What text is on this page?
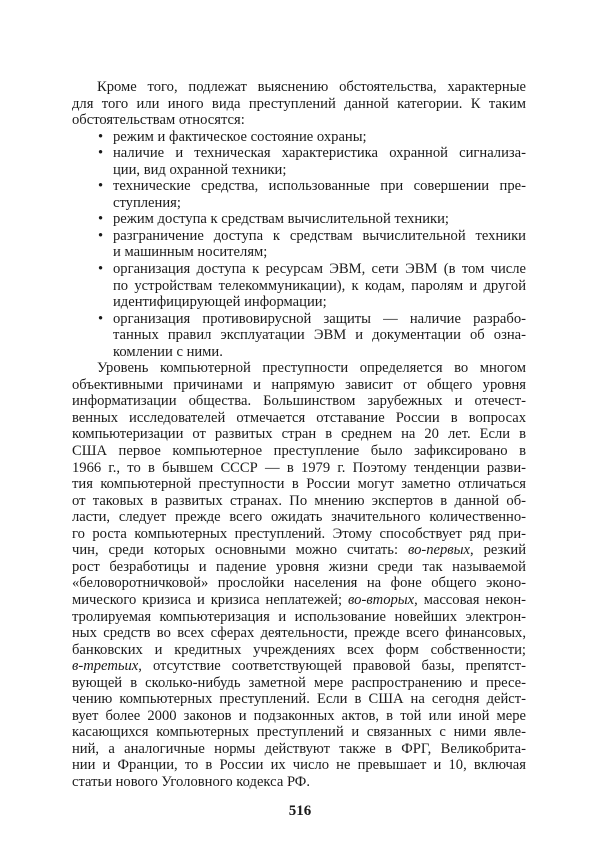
Кроме того, подлежат выяснению обстоятельства, характерные
для того или иного вида преступлений данной категории. К таким
обстоятельствам относятся:
• режим и фактическое состояние охраны;
• наличие и техническая характеристика охранной сигнализа-
ции, вид охранной техники;
• технические средства, использованные при совершении пре-
ступления;
• режим доступа к средствам вычислительной техники;
• разграничение доступа к средствам вычислительной техники
и машинным носителям;
• организация доступа к ресурсам ЭВМ, сети ЭВМ (в том числе
по устройствам телекоммуникации), к кодам, паролям и другой
идентифицирующей информации;
• организация противовирусной защиты — наличие разрабо-
танных правил эксплуатации ЭВМ и документации об озна-
комлении с ними.
Уровень компьютерной преступности определяется во многом
объективными причинами и напрямую зависит от общего уровня
информатизации общества. Большинством зарубежных и отечест-
венных исследователей отмечается отставание России в вопросах
компьютеризации от развитых стран в среднем на 20 лет. Если в
США первое компьютерное преступление было зафиксировано в
1966 г., то в бывшем СССР — в 1979 г. Поэтому тенденции разви-
тия компьютерной преступности в России могут заметно отличаться
от таковых в развитых странах. По мнению экспертов в данной об-
ласти, следует прежде всего ожидать значительного количественно-
го роста компьютерных преступлений. Этому способствует ряд при-
чин, среди которых основными можно считать: во-первых, резкий
рост безработицы и падение уровня жизни среди так называемой
«беловоротничковой» прослойки населения на фоне общего эконо-
мического кризиса и кризиса неплатежей; во-вторых, массовая некон-
тролируемая компьютеризация и использование новейших электрон-
ных средств во всех сферах деятельности, прежде всего финансовых,
банковских и кредитных учреждениях всех форм собственности;
в-третьих, отсутствие соответствующей правовой базы, препятст-
вующей в сколько-нибудь заметной мере распространению и пресе-
чению компьютерных преступлений. Если в США на сегодня дейст-
вует более 2000 законов и подзаконных актов, в той или иной мере
касающихся компьютерных преступлений и связанных с ними явле-
ний, а аналогичные нормы действуют также в ФРГ, Великобрита-
нии и Франции, то в России их число не превышает и 10, включая
статьи нового Уголовного кодекса РФ.
516
